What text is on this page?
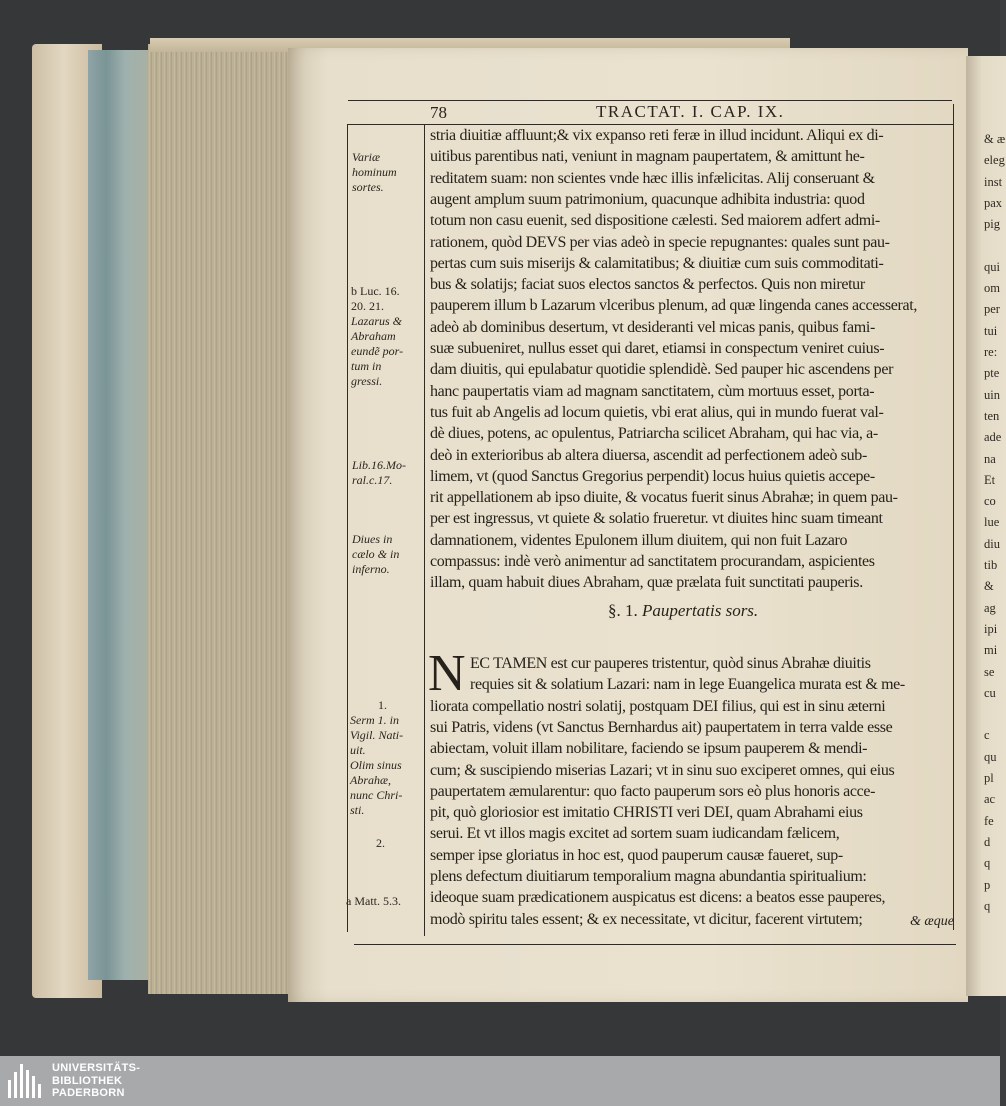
& æ
eleg
inst
pax
pig
qui
om
per
tui
re:
pte
uin
ten
ade
na
Et
co
lue
diu
tib
&
ag
ipi
mi
se
cu
c
qu
pl
ac
fe
d
q
p
q
78	TRACTAT. I. CAP. IX.
Variæ
hominum
sortes.
b Luc. 16.
20. 21.
Lazarus &
Abraham
eundẽ por-
tum in
gressi.
Lib.16.Mo-
ral.c.17.
Diues in
cælo & in
inferno.
1.
Serm 1. in
Vigil. Nati-
uit.
Olim sinus
Abrahæ,
nunc Chri-
sti.
2.
a Matt. 5.3.
stria diuitiæ affluunt;& vix expanso reti feræ in illud incidunt. Aliqui ex di-
uitibus parentibus nati, veniunt in magnam paupertatem, & amittunt he-
reditatem suam: non scientes vnde hæc illis infælicitas. Alij conseruant &
augent amplum suum patrimonium, quacunque adhibita industria: quod
totum non casu euenit, sed dispositione cælesti. Sed maiorem adfert admi-
rationem, quòd DEVS per vias adeò in specie repugnantes: quales sunt pau-
pertas cum suis miserijs & calamitatibus; & diuitiæ cum suis commoditati-
bus & solatijs; faciat suos electos sanctos & perfectos. Quis non miretur
pauperem illum b Lazarum vlceribus plenum, ad quæ lingenda canes accesserat,
adeò ab dominibus desertum, vt desideranti vel micas panis, quibus fami-
suæ subueniret, nullus esset qui daret, etiamsi in conspectum veniret cuius-
dam diuitis, qui epulabatur quotidie splendidè. Sed pauper hic ascendens per
hanc paupertatis viam ad magnam sanctitatem, cùm mortuus esset, porta-
tus fuit ab Angelis ad locum quietis, vbi erat alius, qui in mundo fuerat val-
dè diues, potens, ac opulentus, Patriarcha scilicet Abraham, qui hac via, a-
deò in exterioribus ab altera diuersa, ascendit ad perfectionem adeò sub-
limem, vt (quod Sanctus Gregorius perpendit) locus huius quietis accepe-
rit appellationem ab ipso diuite, & vocatus fuerit sinus Abrahæ; in quem pau-
per est ingressus, vt quiete & solatio frueretur. vt diuites hinc suam timeant
damnationem, videntes Epulonem illum diuitem, qui non fuit Lazaro
compassus: indè verò animentur ad sanctitatem procurandam, aspicientes
illam, quam habuit diues Abraham, quæ prælata fuit sunctitati pauperis.
§. 1. Paupertatis sors.
N EC TAMEN est cur pauperes tristentur, quòd sinus Abrahæ diuitis
requies sit & solatium Lazari: nam in lege Euangelica murata est & me-
liorata compellatio nostri solatij, postquam DEI filius, qui est in sinu æterni
sui Patris, videns (vt Sanctus Bernhardus ait) paupertatem in terra valde esse
abiectam, voluit illam nobilitare, faciendo se ipsum pauperem & mendi-
cum; & suscipiendo miserias Lazari; vt in sinu suo exciperet omnes, qui eius
paupertatem æmularentur: quo facto pauperum sors eò plus honoris acce-
pit, quò gloriosior est imitatio CHRISTI veri DEI, quam Abrahami eius
serui. Et vt illos magis excitet ad sortem suam iudicandam fælicem,
semper ipse gloriatus in hoc est, quod pauperum causæ faueret, sup-
plens defectum diuitiarum temporalium magna abundantia spiritualium:
ideoque suam prædicationem auspicatus est dicens: a beatos esse pauperes,
modò spiritu tales essent; & ex necessitate, vt dicitur, facerent virtutem;	& æque
UNIVERSITÄTS-
BIBLIOTHEK
PADERBORN
